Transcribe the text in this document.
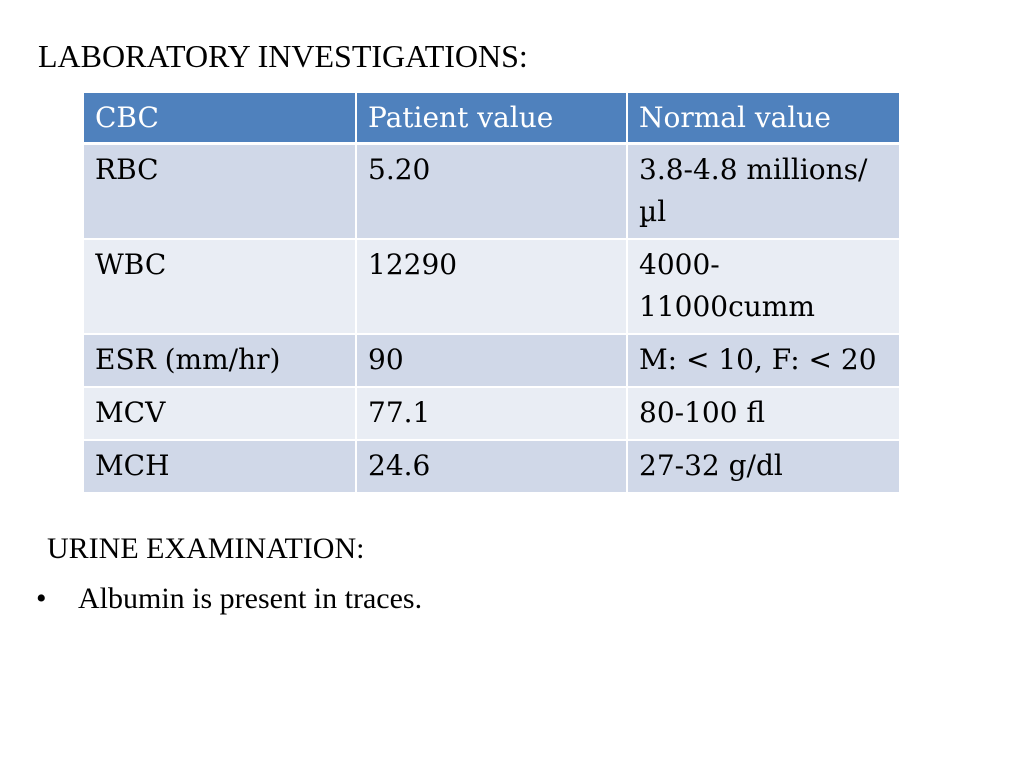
LABORATORY INVESTIGATIONS:
CBC	Patient value	Normal value
RBC	5.20	3.8-4.8 millions/µl
WBC	12290	4000-11000cumm
ESR (mm/hr)	90	M: < 10, F: < 20
MCV	77.1	80-100 fl
MCH	24.6	27-32 g/dl
URINE EXAMINATION:
•	Albumin is present in traces.
